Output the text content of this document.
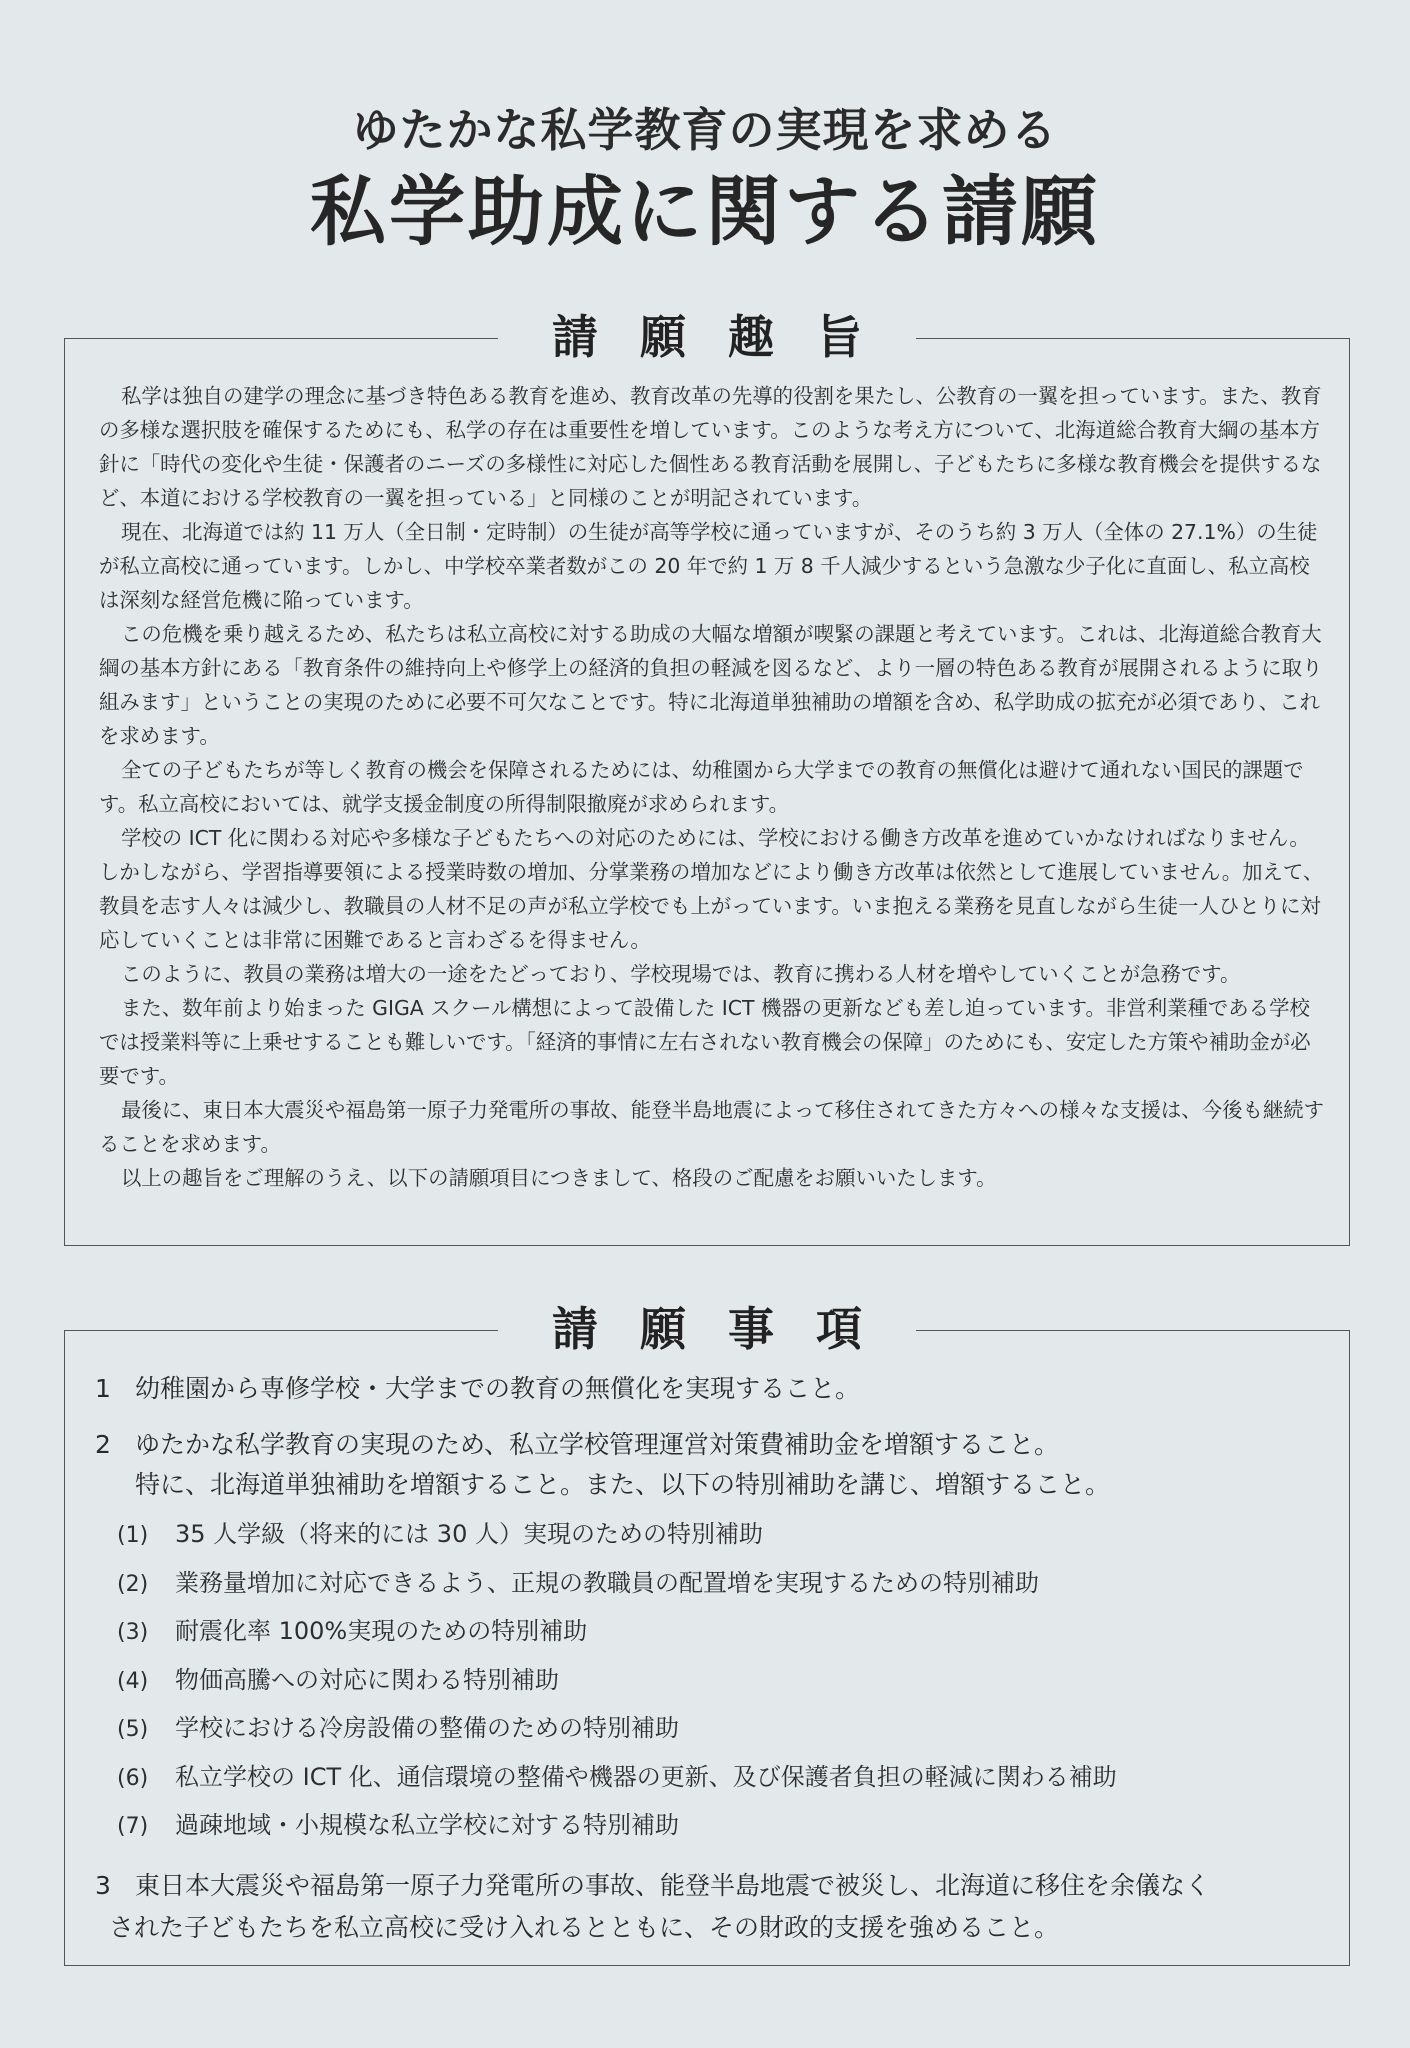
ゆたかな私学教育の実現を求める
私学助成に関する請願
請願趣旨

私学は独自の建学の理念に基づき特色ある教育を進め、教育改革の先導的役割を果たし、公教育の一翼を担っています。また、教育の多様な選択肢を確保するためにも、私学の存在は重要性を増しています。このような考え方について、北海道総合教育大綱の基本方針に「時代の変化や生徒・保護者のニーズの多様性に対応した個性ある教育活動を展開し、子どもたちに多様な教育機会を提供するなど、本道における学校教育の一翼を担っている」と同様のことが明記されています。

現在、北海道では約 11 万人（全日制・定時制）の生徒が高等学校に通っていますが、そのうち約 3 万人（全体の 27.1%）の生徒が私立高校に通っています。しかし、中学校卒業者数がこの 20 年で約 1 万 8 千人減少するという急激な少子化に直面し、私立高校は深刻な経営危機に陥っています。

この危機を乗り越えるため、私たちは私立高校に対する助成の大幅な増額が喫緊の課題と考えています。これは、北海道総合教育大綱の基本方針にある「教育条件の維持向上や修学上の経済的負担の軽減を図るなど、より一層の特色ある教育が展開されるように取り組みます」ということの実現のために必要不可欠なことです。特に北海道単独補助の増額を含め、私学助成の拡充が必須であり、これを求めます。

全ての子どもたちが等しく教育の機会を保障されるためには、幼稚園から大学までの教育の無償化は避けて通れない国民的課題です。私立高校においては、就学支援金制度の所得制限撤廃が求められます。

学校の ICT 化に関わる対応や多様な子どもたちへの対応のためには、学校における働き方改革を進めていかなければなりません。しかしながら、学習指導要領による授業時数の増加、分掌業務の増加などにより働き方改革は依然として進展していません。加えて、教員を志す人々は減少し、教職員の人材不足の声が私立学校でも上がっています。いま抱える業務を見直しながら生徒一人ひとりに対応していくことは非常に困難であると言わざるを得ません。

このように、教員の業務は増大の一途をたどっており、学校現場では、教育に携わる人材を増やしていくことが急務です。

また、数年前より始まった GIGA スクール構想によって設備した ICT 機器の更新なども差し迫っています。非営利業種である学校では授業料等に上乗せすることも難しいです。「経済的事情に左右されない教育機会の保障」のためにも、安定した方策や補助金が必要です。

最後に、東日本大震災や福島第一原子力発電所の事故、能登半島地震によって移住されてきた方々への様々な支援は、今後も継続することを求めます。

以上の趣旨をご理解のうえ、以下の請願項目につきまして、格段のご配慮をお願いいたします。

請願事項
1 幼稚園から専修学校・大学までの教育の無償化を実現すること。
2 ゆたかな私学教育の実現のため、私立学校管理運営対策費補助金を増額すること。
特に、北海道単独補助を増額すること。また、以下の特別補助を講じ、増額すること。
(1) 35 人学級（将来的には 30 人）実現のための特別補助
(2) 業務量増加に対応できるよう、正規の教職員の配置増を実現するための特別補助
(3) 耐震化率 100%実現のための特別補助
(4) 物価高騰への対応に関わる特別補助
(5) 学校における冷房設備の整備のための特別補助
(6) 私立学校の ICT 化、通信環境の整備や機器の更新、及び保護者負担の軽減に関わる補助
(7) 過疎地域・小規模な私立学校に対する特別補助
3 東日本大震災や福島第一原子力発電所の事故、能登半島地震で被災し、北海道に移住を余儀なく
された子どもたちを私立高校に受け入れるとともに、その財政的支援を強めること。
